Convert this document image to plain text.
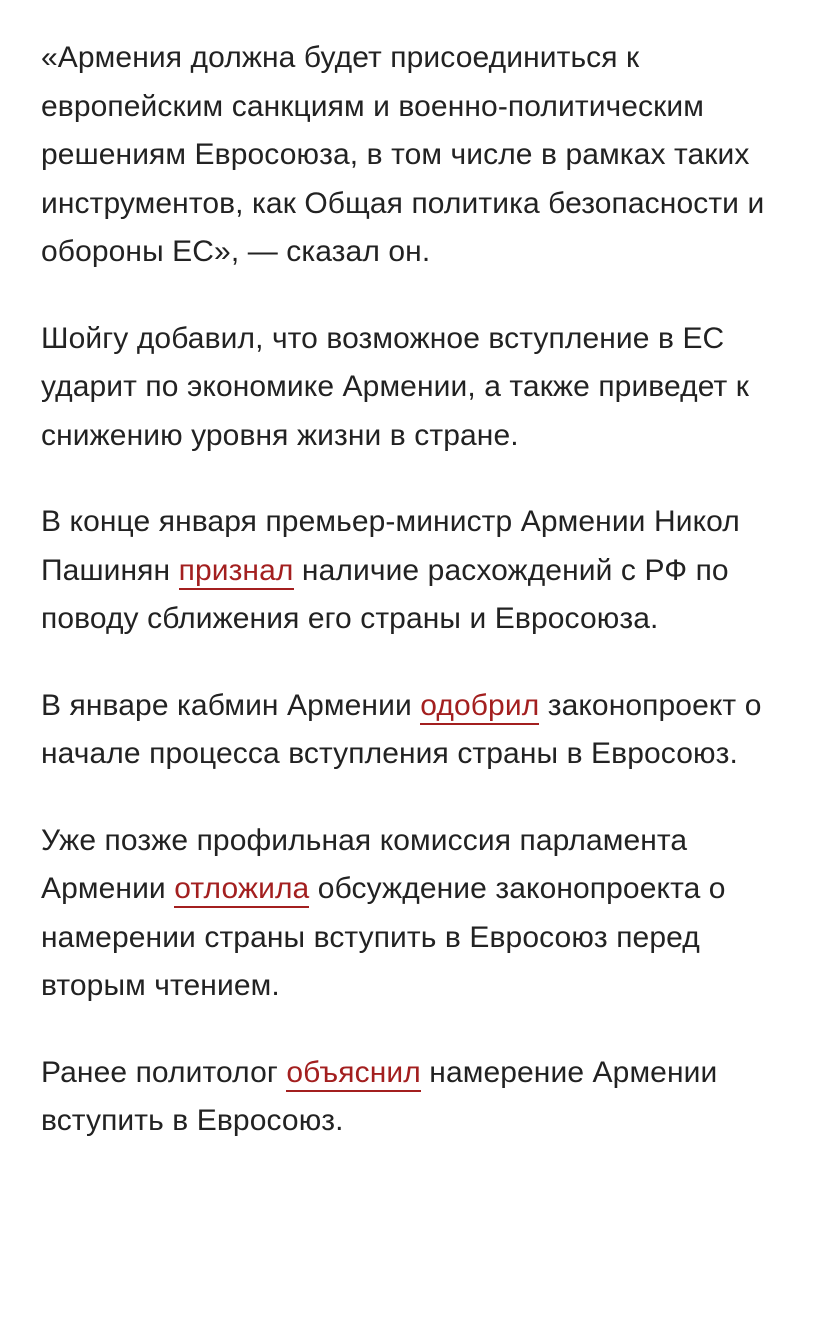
«Армения должна будет присоединиться к европейским санкциям и военно-политическим решениям Евросоюза, в том числе в рамках таких инструментов, как Общая политика безопасности и обороны ЕС», — сказал он.

Шойгу добавил, что возможное вступление в ЕС ударит по экономике Армении, а также приведет к снижению уровня жизни в стране.

В конце января премьер-министр Армении Никол Пашинян признал наличие расхождений с РФ по поводу сближения его страны и Евросоюза.

В январе кабмин Армении одобрил законопроект о начале процесса вступления страны в Евросоюз.

Уже позже профильная комиссия парламента Армении отложила обсуждение законопроекта о намерении страны вступить в Евросоюз перед вторым чтением.

Ранее политолог объяснил намерение Армении вступить в Евросоюз.
